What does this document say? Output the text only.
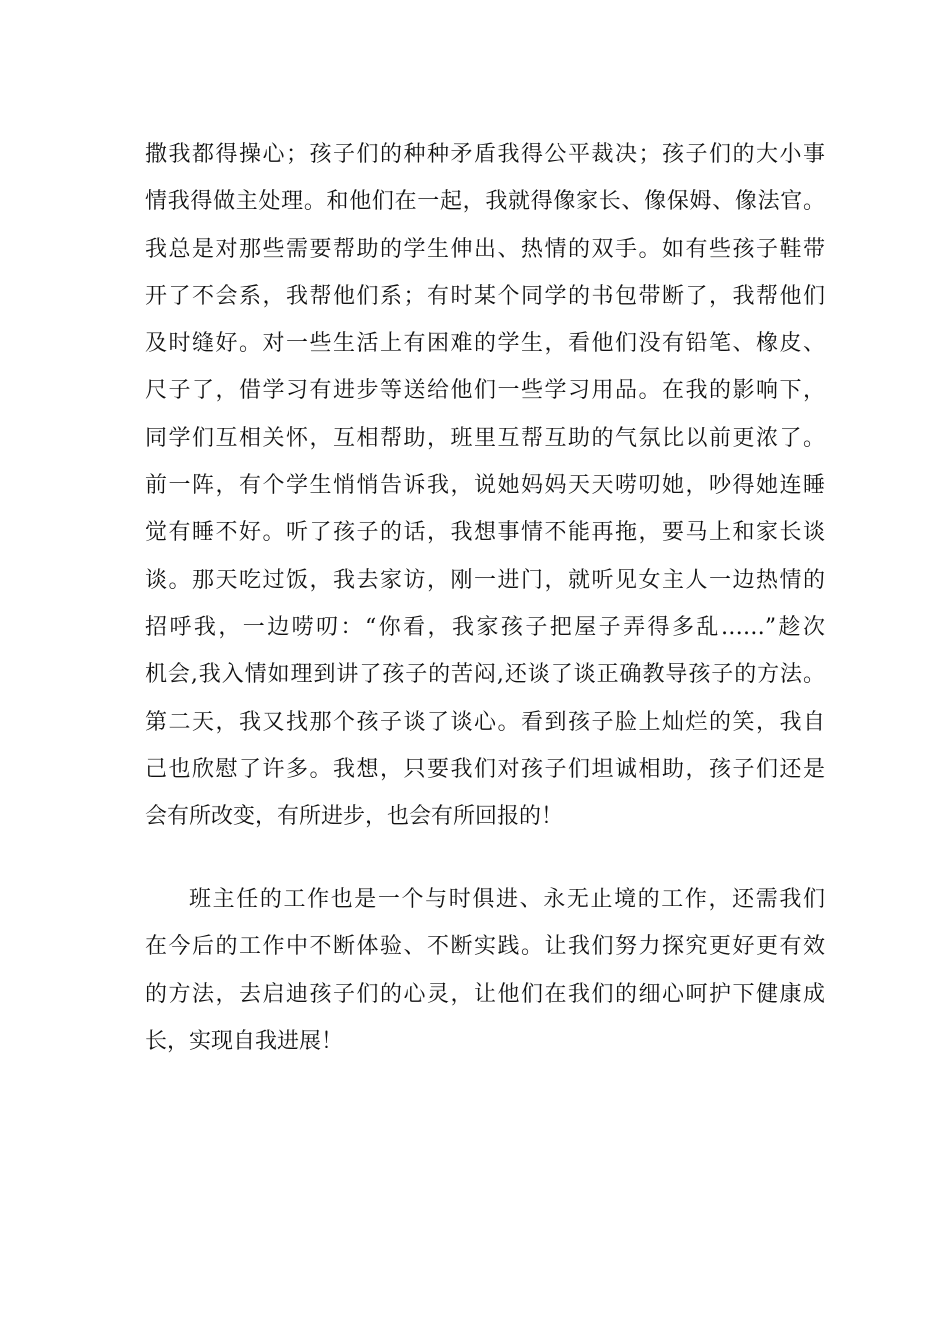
撒我都得操心；孩子们的种种矛盾我得公平裁决；孩子们的大小事
情我得做主处理。和他们在一起，我就得像家长、像保姆、像法官。
我总是对那些需要帮助的学生伸出、热情的双手。如有些孩子鞋带
开了不会系，我帮他们系；有时某个同学的书包带断了，我帮他们
及时缝好。对一些生活上有困难的学生，看他们没有铅笔、橡皮、
尺子了，借学习有进步等送给他们一些学习用品。在我的影响下，
同学们互相关怀，互相帮助，班里互帮互助的气氛比以前更浓了。
前一阵，有个学生悄悄告诉我，说她妈妈天天唠叨她，吵得她连睡
觉有睡不好。听了孩子的话，我想事情不能再拖，要马上和家长谈
谈。那天吃过饭，我去家访，刚一进门，就听见女主人一边热情的
招呼我，一边唠叨：“你看，我家孩子把屋子弄得多乱……”趁次
机会,我入情如理到讲了孩子的苦闷,还谈了谈正确教导孩子的方法。
第二天，我又找那个孩子谈了谈心。看到孩子脸上灿烂的笑，我自
己也欣慰了许多。我想，只要我们对孩子们坦诚相助，孩子们还是
会有所改变，有所进步，也会有所回报的！
班主任的工作也是一个与时俱进、永无止境的工作，还需我们
在今后的工作中不断体验、不断实践。让我们努力探究更好更有效
的方法，去启迪孩子们的心灵，让他们在我们的细心呵护下健康成
长，实现自我进展！
